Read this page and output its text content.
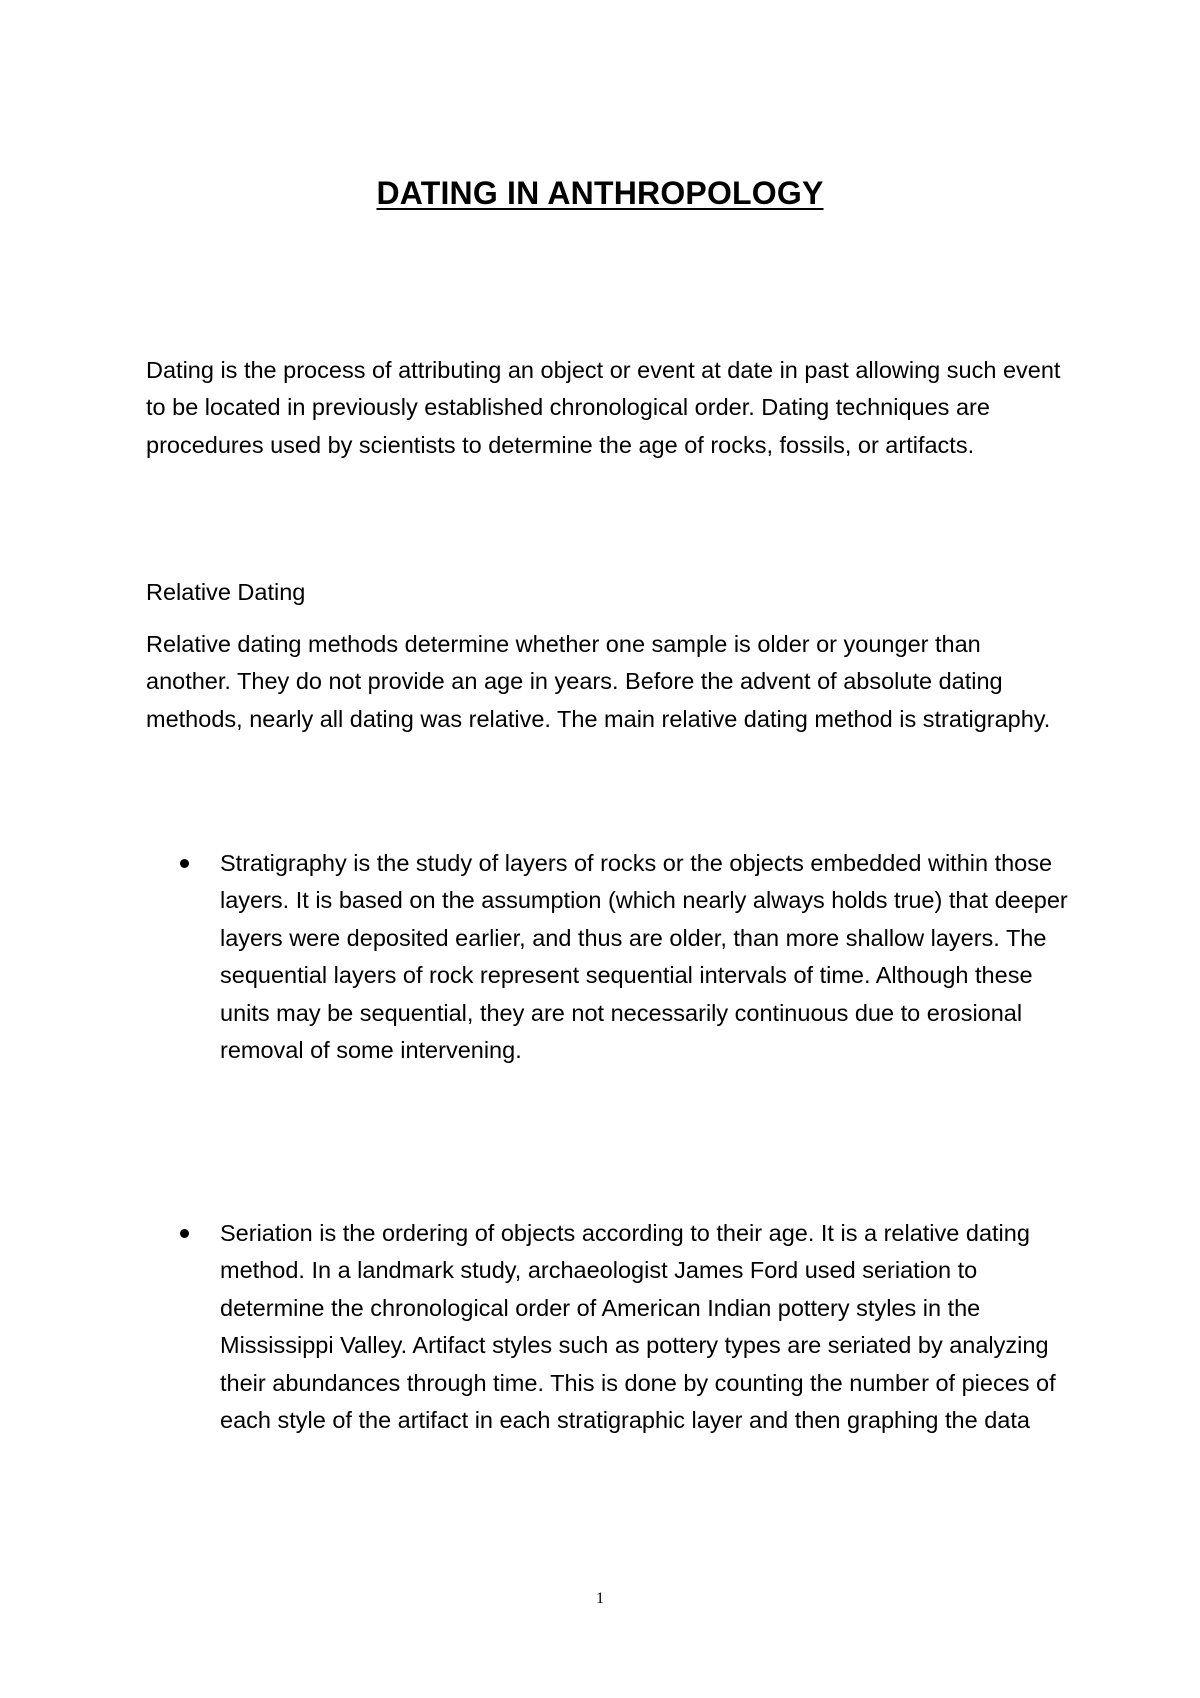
DATING IN ANTHROPOLOGY

Dating is the process of attributing an object or event at date in past allowing such event to be located in previously established chronological order. Dating techniques are procedures used by scientists to determine the age of rocks, fossils, or artifacts.

Relative Dating

Relative dating methods determine whether one sample is older or younger than another. They do not provide an age in years. Before the advent of absolute dating methods, nearly all dating was relative. The main relative dating method is stratigraphy.

Stratigraphy is the study of layers of rocks or the objects embedded within those layers. It is based on the assumption (which nearly always holds true) that deeper layers were deposited earlier, and thus are older, than more shallow layers. The sequential layers of rock represent sequential intervals of time. Although these units may be sequential, they are not necessarily continuous due to erosional removal of some intervening.

Seriation is the ordering of objects according to their age. It is a relative dating method. In a landmark study, archaeologist James Ford used seriation to determine the chronological order of American Indian pottery styles in the Mississippi Valley. Artifact styles such as pottery types are seriated by analyzing their abundances through time. This is done by counting the number of pieces of each style of the artifact in each stratigraphic layer and then graphing the data

1
